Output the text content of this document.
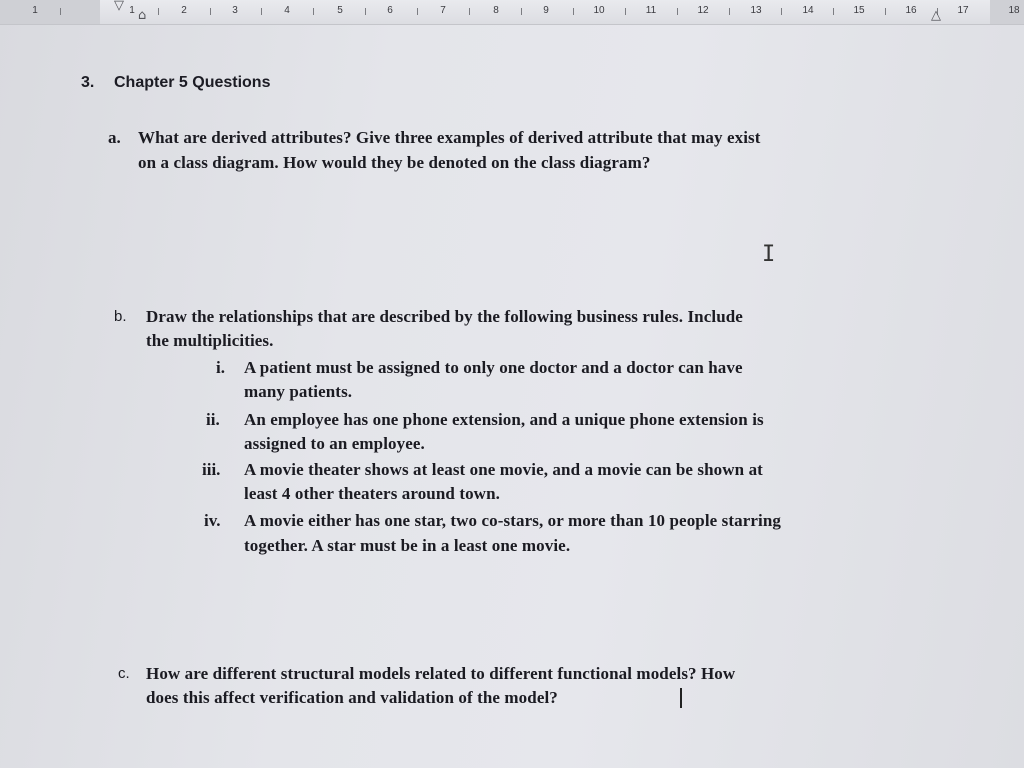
1	1	2	3	4	5	6	7	8	9	10	11	12	13	14	15	16	17	18
▽
⌂	△
3. Chapter 5 Questions
a. What are derived attributes? Give three examples of derived attribute that may exist
on a class diagram. How would they be denoted on the class diagram?
I
b. Draw the relationships that are described by the following business rules. Include
the multiplicities.
i. A patient must be assigned to only one doctor and a doctor can have
many patients.
ii. An employee has one phone extension, and a unique phone extension is
assigned to an employee.
iii. A movie theater shows at least one movie, and a movie can be shown at
least 4 other theaters around town.
iv. A movie either has one star, two co-stars, or more than 10 people starring
together. A star must be in a least one movie.
c. How are different structural models related to different functional models? How
does this affect verification and validation of the model?
